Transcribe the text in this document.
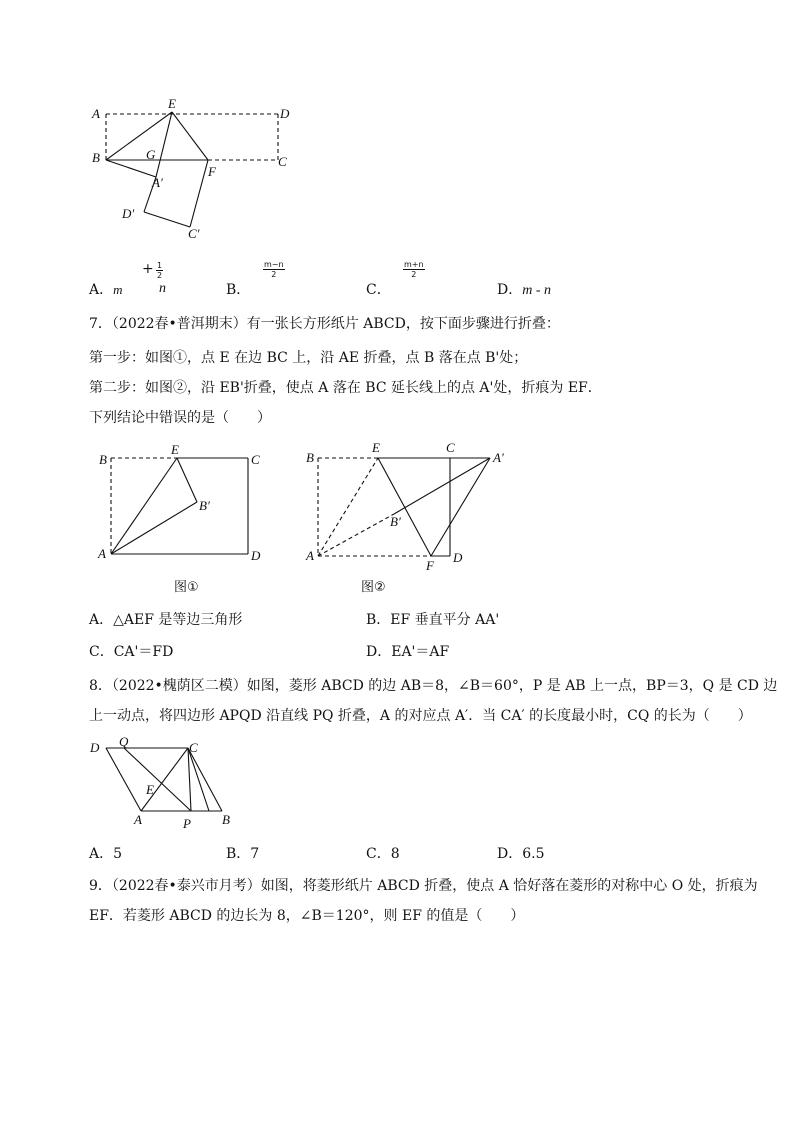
A
E
D
B	G
F
C
A′
D′
C′
A．m
+ $\frac{1}{2}$
n	B．
$\frac{m-n}{2}$
C．
$\frac{m+n}{2}$
D．m - n
7．（2022春•普洱期末）有一张长方形纸片 ABCD，按下面步骤进行折叠：
第一步：如图①，点 E 在边 BC 上，沿 AE 折叠，点 B 落在点 B'处；
第二步：如图②，沿 EB'折叠，使点 A 落在 BC 延长线上的点 A'处，折痕为 EF．
下列结论中错误的是（　　）
B
E
C
B′
A	D
图①
B
E	C
A′
B′
A
F
D
图②
A．△AEF 是等边三角形	B．EF 垂直平分 AA'
C．CA'＝FD	D．EA'＝AF
8．（2022•槐荫区二模）如图，菱形 ABCD 的边 AB＝8，∠B＝60°，P 是 AB 上一点，BP＝3，Q 是 CD 边
上一动点，将四边形 APQD 沿直线 PQ 折叠，A 的对应点 A′．当 CA′ 的长度最小时，CQ 的长为（　　）
D Q	C
E
A	P B
A．5	B．7	C．8	D．6.5
9．（2022春•泰兴市月考）如图，将菱形纸片 ABCD 折叠，使点 A 恰好落在菱形的对称中心 O 处，折痕为
EF．若菱形 ABCD 的边长为 8，∠B＝120°，则 EF 的值是（　　）
